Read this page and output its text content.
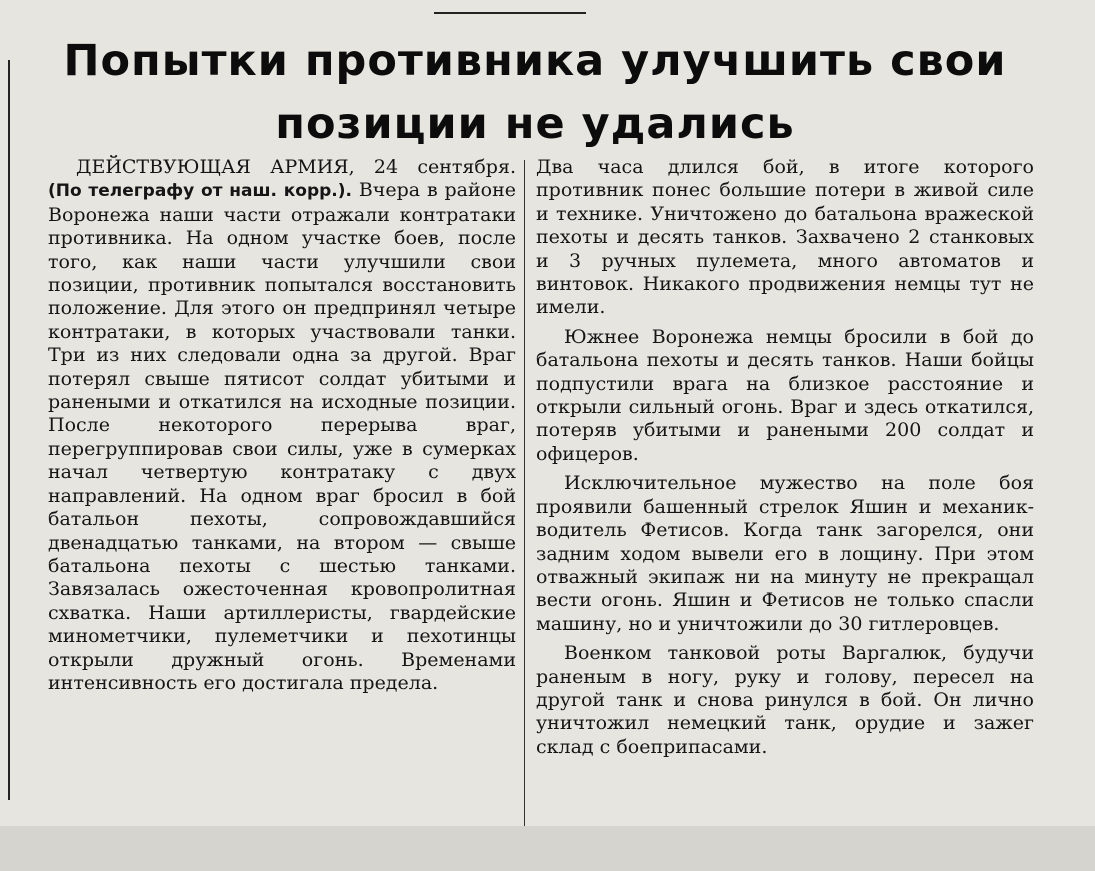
Попытки противника улучшить свои
позиции не удались

ДЕЙСТВУЮЩАЯ АРМИЯ, 24 сентября. (По телеграфу от наш. корр.). Вчера в районе Воронежа наши части отражали контратаки противника. На одном участке боев, после того, как наши части улучшили свои позиции, противник попытался восстановить положение. Для этого он предпринял четыре контратаки, в которых участвовали танки. Три из них следовали одна за другой. Враг потерял свыше пятисот солдат убитыми и ранеными и откатился на исходные позиции. После некоторого перерыва враг, перегруппировав свои силы, уже в сумерках начал четвертую контратаку с двух направлений. На одном враг бросил в бой батальон пехоты, сопровождавшийся двенадцатью танками, на втором — свыше батальона пехоты с шестью танками. Завязалась ожесточенная кровопролитная схватка. Наши артиллеристы, гвардейские минометчики, пулеметчики и пехотинцы открыли дружный огонь. Временами интенсивность его достигала предела.

Два часа длился бой, в итоге которого противник понес большие потери в живой силе и технике. Уничтожено до батальона вражеской пехоты и десять танков. Захвачено 2 станковых и 3 ручных пулемета, много автоматов и винтовок. Никакого продвижения немцы тут не имели.

Южнее Воронежа немцы бросили в бой до батальона пехоты и десять танков. Наши бойцы подпустили врага на близкое расстояние и открыли сильный огонь. Враг и здесь откатился, потеряв убитыми и ранеными 200 солдат и офицеров.

Исключительное мужество на поле боя проявили башенный стрелок Яшин и механик-водитель Фетисов. Когда танк загорелся, они задним ходом вывели его в лощину. При этом отважный экипаж ни на минуту не прекращал вести огонь. Яшин и Фетисов не только спасли машину, но и уничтожили до 30 гитлеровцев.

Военком танковой роты Варгалюк, будучи раненым в ногу, руку и голову, пересел на другой танк и снова ринулся в бой. Он лично уничтожил немецкий танк, орудие и зажег склад с боеприпасами.
